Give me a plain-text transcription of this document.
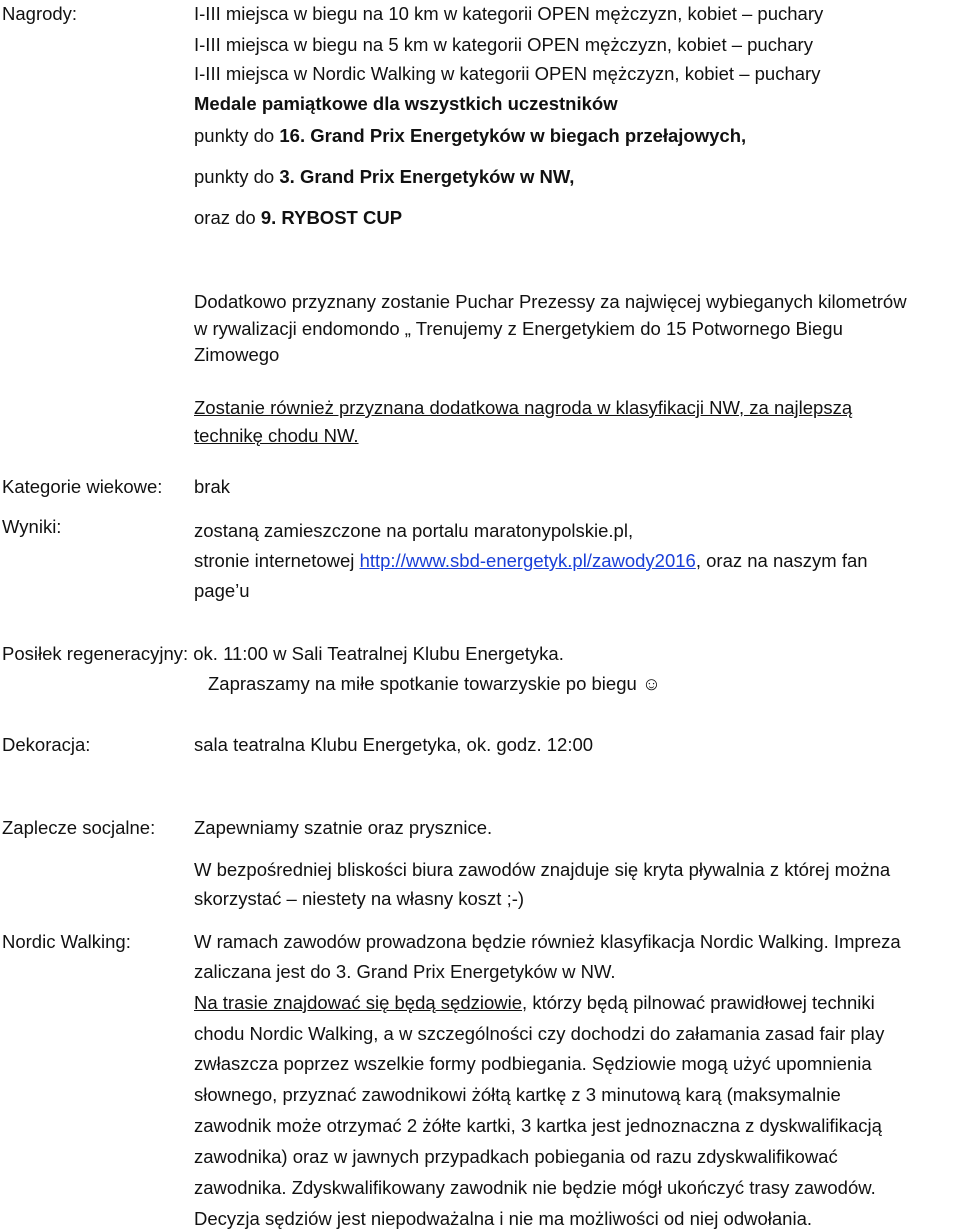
Nagrody:	I-III miejsca w biegu na 10 km w kategorii OPEN mężczyzn, kobiet – puchary
I-III miejsca w biegu na 5 km w kategorii OPEN mężczyzn, kobiet – puchary
I-III miejsca w Nordic Walking w kategorii OPEN mężczyzn, kobiet – puchary
Medale pamiątkowe dla wszystkich uczestników
punkty do 16. Grand Prix Energetyków w biegach przełajowych,
punkty do 3. Grand Prix Energetyków w NW,
oraz do 9. RYBOST CUP
Dodatkowo przyznany zostanie Puchar Prezessy za najwięcej wybieganych kilometrów
w rywalizacji endomondo „ Trenujemy z Energetykiem do 15 Potwornego Biegu
Zimowego
Zostanie również przyznana dodatkowa nagroda w klasyfikacji NW, za najlepszą
technikę chodu NW.
Kategorie wiekowe: brak
Wyniki:	zostaną zamieszczone na portalu maratonypolskie.pl,
stronie internetowej http://www.sbd-energetyk.pl/zawody2016, oraz na naszym fan
page’u
Posiłek regeneracyjny: ok. 11:00 w Sali Teatralnej Klubu Energetyka.
Zapraszamy na miłe spotkanie towarzyskie po biegu ☺
Dekoracja:	sala teatralna Klubu Energetyka, ok. godz. 12:00
Zaplecze socjalne: Zapewniamy szatnie oraz prysznice.
W bezpośredniej bliskości biura zawodów znajduje się kryta pływalnia z której można
skorzystać – niestety na własny koszt ;-)
Nordic Walking:	W ramach zawodów prowadzona będzie również klasyfikacja Nordic Walking. Impreza
zaliczana jest do 3. Grand Prix Energetyków w NW.
Na trasie znajdować się będą sędziowie, którzy będą pilnować prawidłowej techniki
chodu Nordic Walking, a w szczególności czy dochodzi do załamania zasad fair play
zwłaszcza poprzez wszelkie formy podbiegania. Sędziowie mogą użyć upomnienia
słownego, przyznać zawodnikowi żółtą kartkę z 3 minutową karą (maksymalnie
zawodnik może otrzymać 2 żółte kartki, 3 kartka jest jednoznaczna z dyskwalifikacją
zawodnika) oraz w jawnych przypadkach pobiegania od razu zdyskwalifikować
zawodnika. Zdyskwalifikowany zawodnik nie będzie mógł ukończyć trasy zawodów.
Decyzja sędziów jest niepodważalna i nie ma możliwości od niej odwołania.
